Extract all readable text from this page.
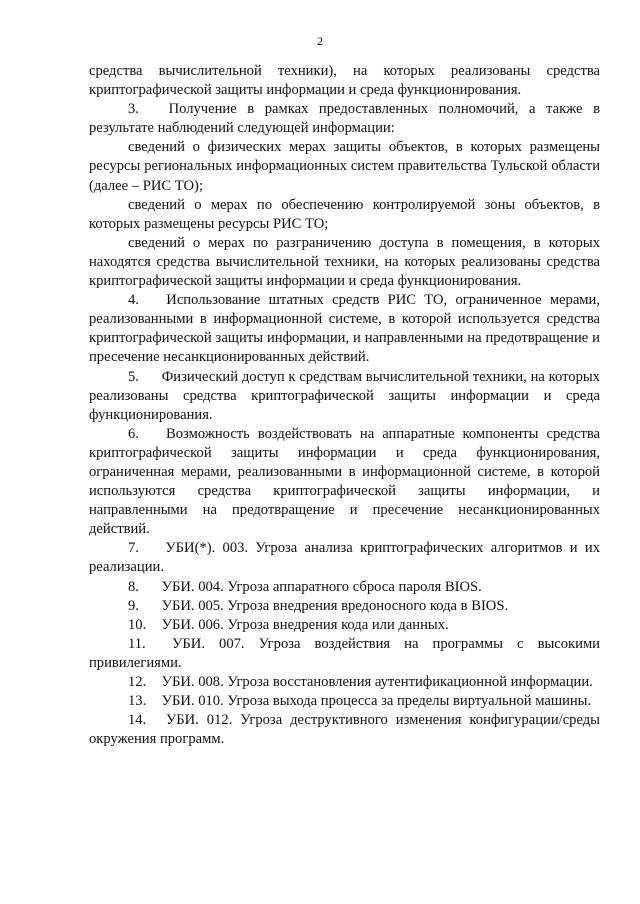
2

средства вычислительной техники), на которых реализованы средства криптографической защиты информации и среда функционирования.

3. Получение в рамках предоставленных полномочий, а также в результате наблюдений следующей информации:

сведений о физических мерах защиты объектов, в которых размещены ресурсы региональных информационных систем правительства Тульской области (далее – РИС ТО);

сведений о мерах по обеспечению контролируемой зоны объектов, в которых размещены ресурсы РИС ТО;

сведений о мерах по разграничению доступа в помещения, в которых находятся средства вычислительной техники, на которых реализованы средства криптографической защиты информации и среда функционирования.

4. Использование штатных средств РИС ТО, ограниченное мерами, реализованными в информационной системе, в которой используется средства криптографической защиты информации, и направленными на предотвращение и пресечение несанкционированных действий.

5. Физический доступ к средствам вычислительной техники, на которых реализованы средства криптографической защиты информации и среда функционирования.

6. Возможность воздействовать на аппаратные компоненты средства криптографической защиты информации и среда функционирования, ограниченная мерами, реализованными в информационной системе, в которой используются средства криптографической защиты информации, и направленными на предотвращение и пресечение несанкционированных действий.

7. УБИ(*). 003. Угроза анализа криптографических алгоритмов и их реализации.

8. УБИ. 004. Угроза аппаратного сброса пароля BIOS.

9. УБИ. 005. Угроза внедрения вредоносного кода в BIOS.

10. УБИ. 006. Угроза внедрения кода или данных.

11. УБИ. 007. Угроза воздействия на программы с высокими привилегиями.

12. УБИ. 008. Угроза восстановления аутентификационной информации.

13. УБИ. 010. Угроза выхода процесса за пределы виртуальной машины.

14. УБИ. 012. Угроза деструктивного изменения конфигурации/среды окружения программ.
